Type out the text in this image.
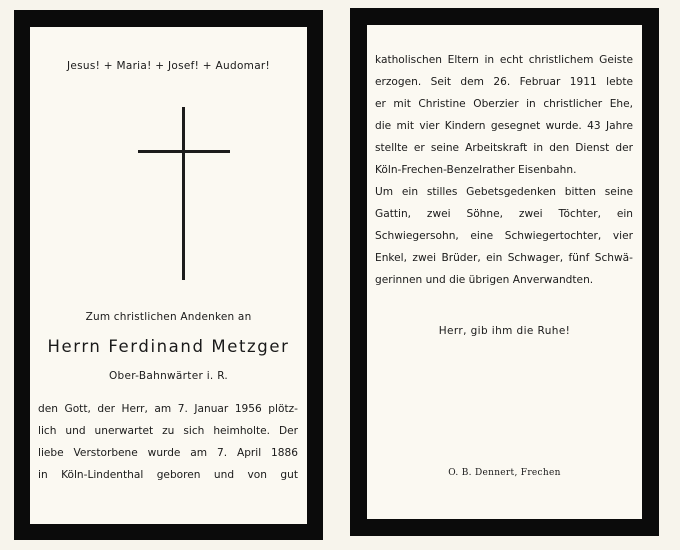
Jesus! + Maria! + Josef! + Audomar!
Zum christlichen Andenken an
Herrn Ferdinand Metzger
Ober-Bahnwärter i. R.
den Gott, der Herr, am 7. Januar 1956 plötz-
lich und unerwartet zu sich heimholte. Der
liebe Verstorbene wurde am 7. April 1886
in Köln-Lindenthal geboren und von gut
katholischen Eltern in echt christlichem Geiste
erzogen. Seit dem 26. Februar 1911 lebte
er mit Christine Oberzier in christlicher Ehe,
die mit vier Kindern gesegnet wurde. 43 Jahre
stellte er seine Arbeitskraft in den Dienst der
Köln-Frechen-Benzelrather Eisenbahn.
Um ein stilles Gebetsgedenken bitten seine
Gattin, zwei Söhne, zwei Töchter, ein
Schwiegersohn, eine Schwiegertochter, vier
Enkel, zwei Brüder, ein Schwager, fünf Schwä-
gerinnen und die übrigen Anverwandten.
Herr, gib ihm die Ruhe!
O. B. Dennert, Frechen
